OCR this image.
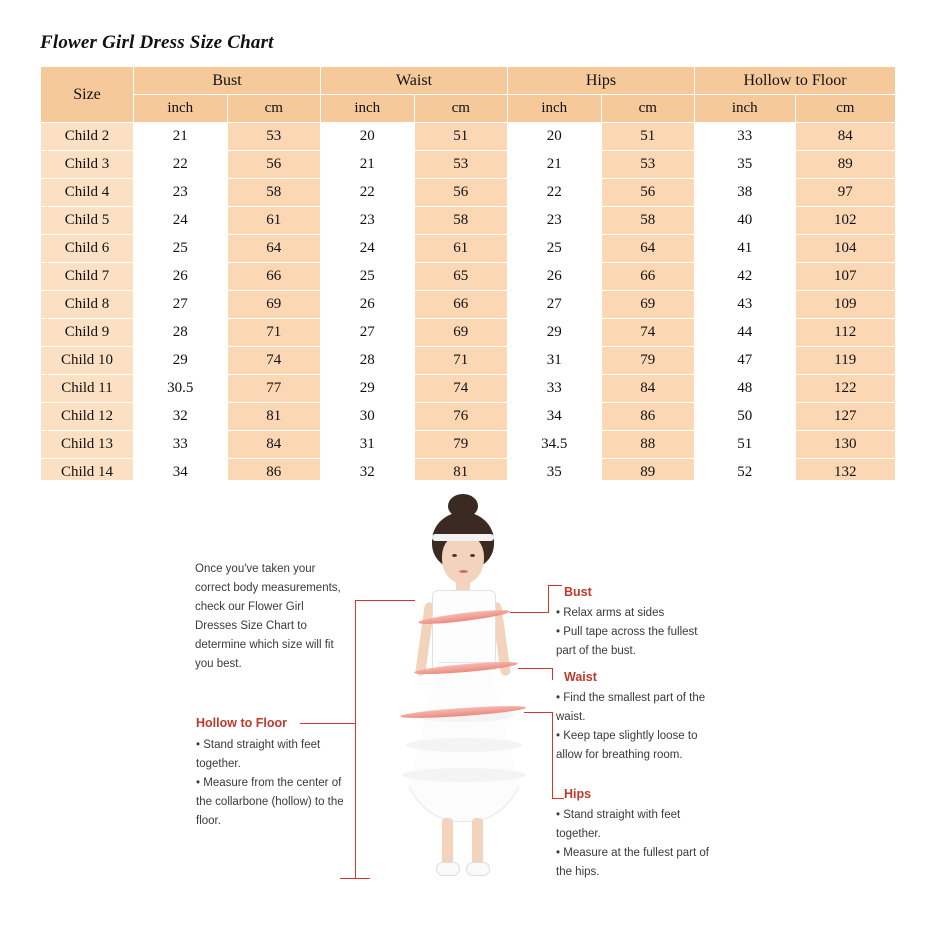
Flower Girl Dress Size Chart
Size	Bust		Waist		Hips		Hollow to Floor	
	inch	cm	inch	cm	inch	cm	inch	cm
Child 2	21	53	20	51	20	51	33	84
Child 3	22	56	21	53	21	53	35	89
Child 4	23	58	22	56	22	56	38	97
Child 5	24	61	23	58	23	58	40	102
Child 6	25	64	24	61	25	64	41	104
Child 7	26	66	25	65	26	66	42	107
Child 8	27	69	26	66	27	69	43	109
Child 9	28	71	27	69	29	74	44	112
Child 10	29	74	28	71	31	79	47	119
Child 11	30.5	77	29	74	33	84	48	122
Child 12	32	81	30	76	34	86	50	127
Child 13	33	84	31	79	34.5	88	51	130
Child 14	34	86	32	81	35	89	52	132
Once you've taken your correct body measurements, check our Flower Girl Dresses Size Chart to determine which size will fit you best.
Hollow to Floor
• Stand straight with feet together.
• Measure from the center of the collarbone (hollow) to the floor.
Bust
• Relax arms at sides
• Pull tape across the fullest part of the bust.
Waist
• Find the smallest part of the waist.
• Keep tape slightly loose to allow for breathing room.
Hips
• Stand straight with feet together.
• Measure at the fullest part of the hips.
